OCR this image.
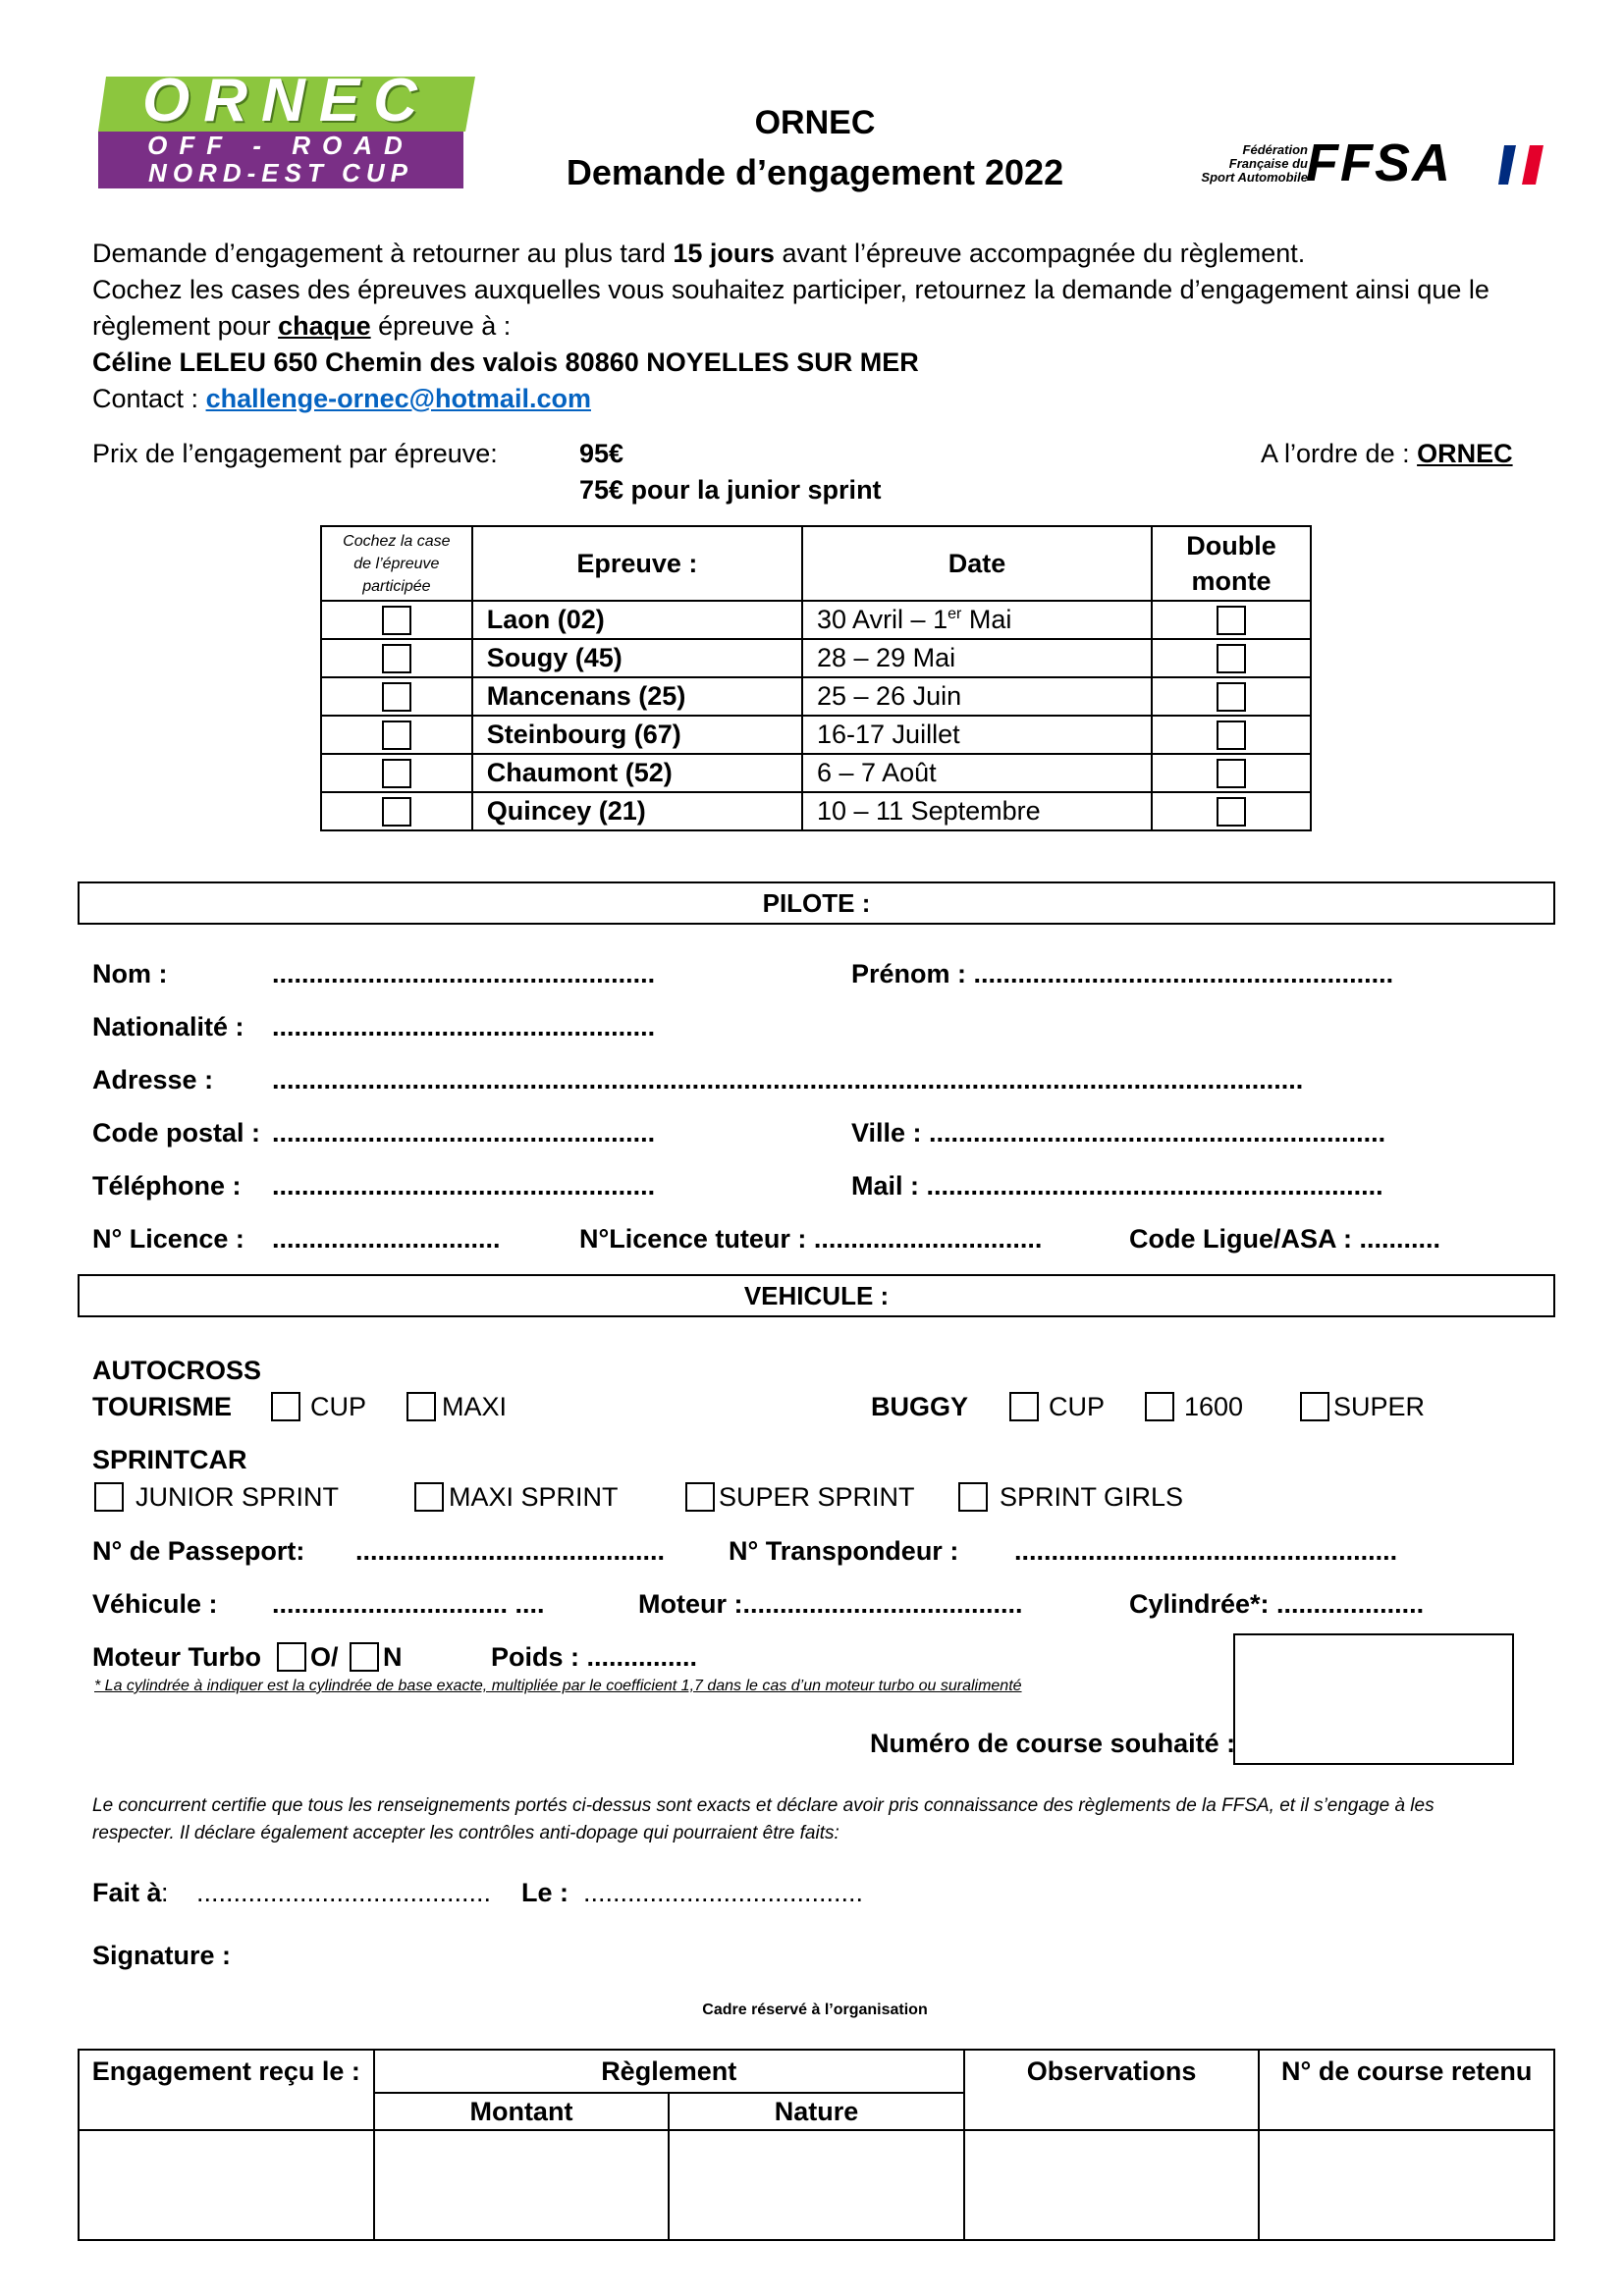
ORNEC
OFF - ROAD
NORD-EST CUP
ORNEC
Demande d’engagement 2022
Fédération
Française du
Sport Automobile
FFSA
Demande d’engagement à retourner au plus tard 15 jours avant l’épreuve accompagnée du règlement.
Cochez les cases des épreuves auxquelles vous souhaitez participer, retournez la demande d’engagement ainsi que le
règlement pour chaque épreuve à :
Céline LELEU 650 Chemin des valois 80860 NOYELLES SUR MER
Contact : challenge-ornec@hotmail.com
Prix de l’engagement par épreuve:	95€
75€ pour la junior sprint
A l’ordre de : ORNEC
Cochez la case de l’épreuve participée	Epreuve :	Date	Double monte
	Laon (02)	30 Avril – 1er Mai	
	Sougy (45)	28 – 29 Mai	
	Mancenans (25)	25 – 26 Juin	
	Steinbourg (67)	16-17 Juillet	
	Chaumont (52)	6 – 7 Août	
	Quincey (21)	10 – 11 Septembre	
PILOTE :
Nom :	....................................................	Prénom : .........................................................
Nationalité : ....................................................
Adresse : ............................................................................................................................................
Code postal : ....................................................	Ville : ..............................................................
Téléphone : ....................................................	Mail : ..............................................................
N° Licence : ...............................	N°Licence tuteur : ...............................	Code Ligue/ASA : ...........
VEHICULE :
AUTOCROSS
TOURISME	CUP	MAXI	BUGGY	CUP	1600	SUPER
SPRINTCAR
JUNIOR SPRINT	MAXI SPRINT	SUPER SPRINT	SPRINT GIRLS
N° de Passeport: .......................................... N° Transpondeur : ....................................................
Véhicule : ................................ ....	Moteur :......................................	Cylindrée*: ....................
Moteur Turbo O/ N	Poids : ...............
* La cylindrée à indiquer est la cylindrée de base exacte, multipliée par le coefficient 1,7 dans le cas d’un moteur turbo ou suralimenté
Numéro de course souhaité :
Le concurrent certifie que tous les renseignements portés ci-dessus sont exacts et déclare avoir pris connaissance des règlements de la FFSA, et il s’engage à les
respecter. Il déclare également accepter les contrôles anti-dopage qui pourraient être faits:
Fait à : ........................................ Le : ......................................
Signature :
Cadre réservé à l’organisation
Engagement reçu le :	Règlement		Observations	N° de course retenu
	Montant	Nature		
